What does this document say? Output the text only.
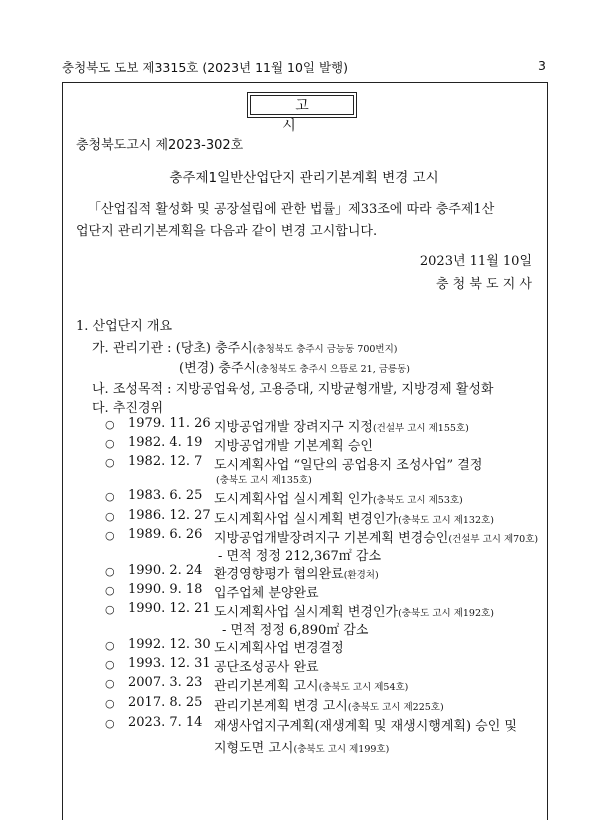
충청북도 도보 제3315호 (2023년 11월 10일 발행)	3
고 시
충청북도고시 제2023-302호
충주제1일반산업단지 관리기본계획 변경 고시
「산업집적 활성화 및 공장설립에 관한 법률」제33조에 따라 충주제1산
업단지 관리기본계획을 다음과 같이 변경 고시합니다.
2023년 11월 10일
충 청 북 도 지 사
1. 산업단지 개요
가. 관리기관 : (당초) 충주시(충청북도 충주시 금능동 700번지)
(변경) 충주시(충청북도 충주시 으뜸로 21, 금릉동)
나. 조성목적 : 지방공업육성, 고용증대, 지방균형개발, 지방경제 활성화
다. 추진경위
○ 1979. 11. 26 지방공업개발 장려지구 지정(건설부 고시 제155호)
○ 1982. 4. 19 지방공업개발 기본계획 승인
○ 1982. 12. 7 도시계획사업 “일단의 공업용지 조성사업” 결정
(충북도 고시 제135호)
○ 1983. 6. 25 도시계획사업 실시계획 인가(충북도 고시 제53호)
○ 1986. 12. 27 도시계획사업 실시계획 변경인가(충북도 고시 제132호)
○ 1989. 6. 26 지방공업개발장려지구 기본계획 변경승인(건설부 고시 제70호)
- 면적 정정 212,367㎡ 감소
○ 1990. 2. 24 환경영향평가 협의완료(환경처)
○ 1990. 9. 18 입주업체 분양완료
○ 1990. 12. 21 도시계획사업 실시계획 변경인가(충북도 고시 제192호)
- 면적 정정 6,890㎡ 감소
○ 1992. 12. 30 도시계획사업 변경결정
○ 1993. 12. 31 공단조성공사 완료
○ 2007. 3. 23 관리기본계획 고시(충북도 고시 제54호)
○ 2017. 8. 25 관리기본계획 변경 고시(충북도 고시 제225호)
○ 2023. 7. 14 재생사업지구계획(재생계획 및 재생시행계획) 승인 및
지형도면 고시(충북도 고시 제199호)
